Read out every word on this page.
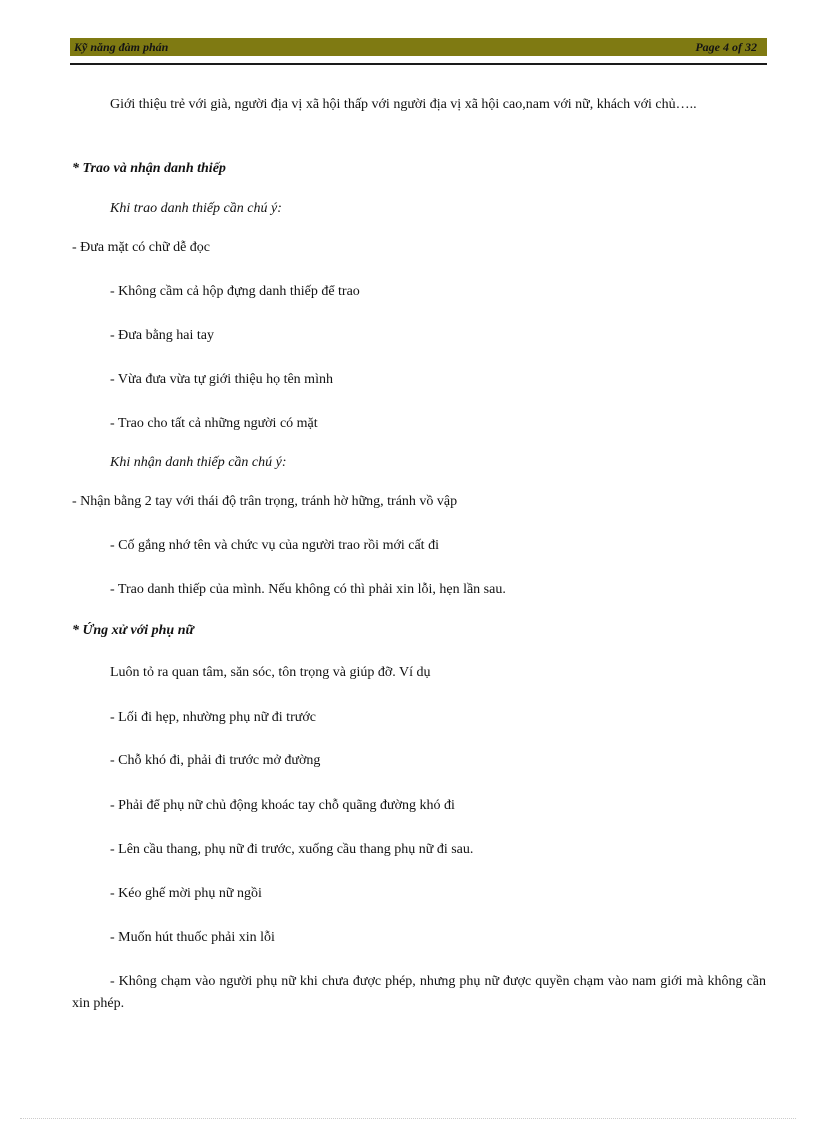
Kỹ năng đàm phán	Page 4 of 32
Giới thiệu trẻ với già, người địa vị xã hội thấp với người địa vị xã hội cao,nam với nữ, khách với chủ…..
* Trao và nhận danh thiếp
Khi trao danh thiếp cần chú ý:
- Đưa mặt có chữ dễ đọc
- Không cầm cả hộp đựng danh thiếp để trao
- Đưa bằng hai tay
- Vừa đưa vừa tự giới thiệu họ tên mình
- Trao cho tất cả những người có mặt
Khi nhận danh thiếp cần chú ý:
- Nhận bằng 2 tay với thái độ trân trọng, tránh hờ hững, tránh vồ vập
- Cố gắng nhớ tên và chức vụ của người trao rồi mới cất đi
- Trao danh thiếp của mình. Nếu không có thì phải xin lỗi, hẹn lần sau.
* Ứng xử với phụ nữ
Luôn tỏ ra quan tâm, săn sóc, tôn trọng và giúp đỡ. Ví dụ
- Lối đi hẹp, nhường phụ nữ đi trước
- Chỗ khó đi, phải đi trước mở đường
- Phải để phụ nữ chủ động khoác tay chỗ quãng đường khó đi
- Lên cầu thang, phụ nữ đi trước, xuống cầu thang phụ nữ đi sau.
- Kéo ghế mời phụ nữ ngồi
- Muốn hút thuốc phải xin lỗi
- Không chạm vào người phụ nữ khi chưa được phép, nhưng phụ nữ được quyền chạm vào nam giới mà không cần xin phép.
